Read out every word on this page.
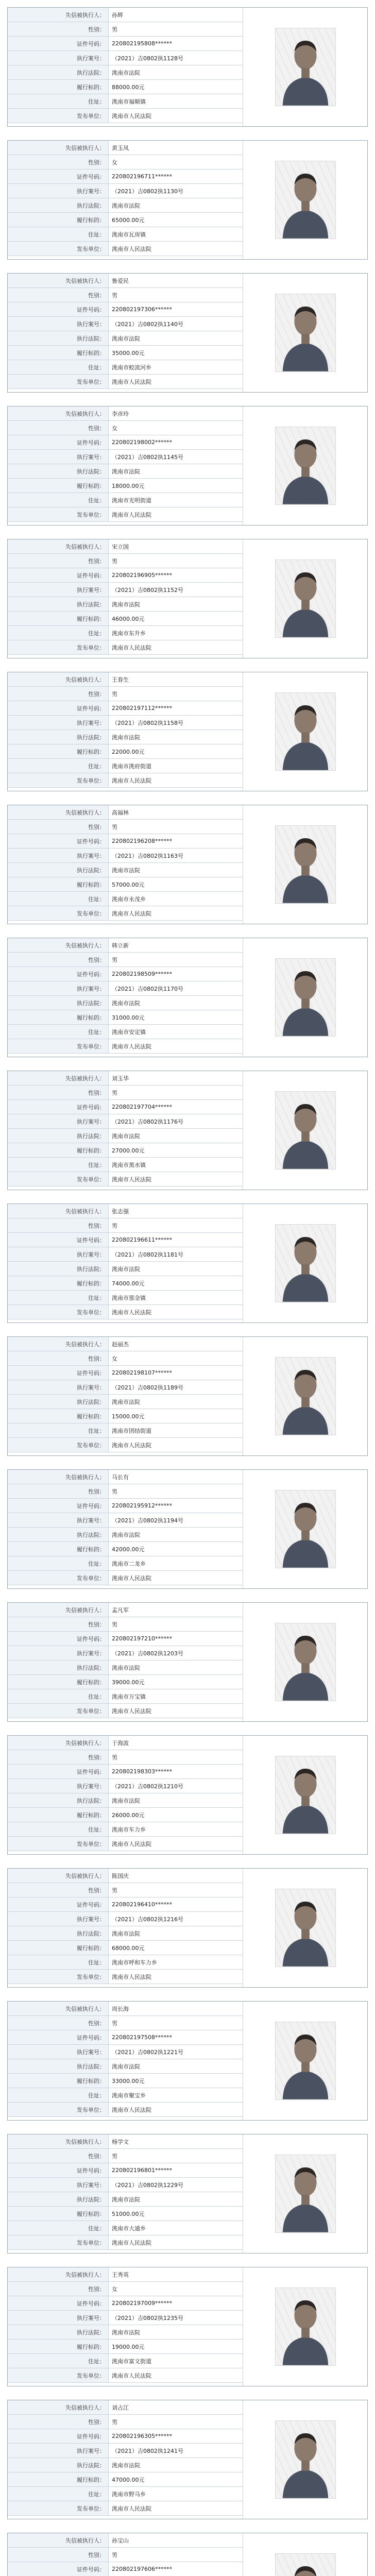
失信被执行人：	孙辉
性别：	男
证件号码：	220802195808******
执行案号：	（2021）吉0802执1128号
执行法院：	洮南市法院
履行标的：	88000.00元
住址：	洮南市福顺镇
发布单位：	洮南市人民法院
失信被执行人：	黄玉凤
性别：	女
证件号码：	220802196711******
执行案号：	（2021）吉0802执1130号
执行法院：	洮南市法院
履行标的：	65000.00元
住址：	洮南市瓦房镇
发布单位：	洮南市人民法院
失信被执行人：	鲁爱民
性别：	男
证件号码：	220802197306******
执行案号：	（2021）吉0802执1140号
执行法院：	洮南市法院
履行标的：	35000.00元
住址：	洮南市蛟流河乡
发布单位：	洮南市人民法院
失信被执行人：	李彦玲
性别：	女
证件号码：	220802198002******
执行案号：	（2021）吉0802执1145号
执行法院：	洮南市法院
履行标的：	18000.00元
住址：	洮南市光明街道
发布单位：	洮南市人民法院
失信被执行人：	宋立国
性别：	男
证件号码：	220802196905******
执行案号：	（2021）吉0802执1152号
执行法院：	洮南市法院
履行标的：	46000.00元
住址：	洮南市东升乡
发布单位：	洮南市人民法院
失信被执行人：	王春生
性别：	男
证件号码：	220802197112******
执行案号：	（2021）吉0802执1158号
执行法院：	洮南市法院
履行标的：	22000.00元
住址：	洮南市洮府街道
发布单位：	洮南市人民法院
失信被执行人：	高福林
性别：	男
证件号码：	220802196208******
执行案号：	（2021）吉0802执1163号
执行法院：	洮南市法院
履行标的：	57000.00元
住址：	洮南市永茂乡
发布单位：	洮南市人民法院
失信被执行人：	韩立新
性别：	男
证件号码：	220802198509******
执行案号：	（2021）吉0802执1170号
执行法院：	洮南市法院
履行标的：	31000.00元
住址：	洮南市安定镇
发布单位：	洮南市人民法院
失信被执行人：	刘玉华
性别：	男
证件号码：	220802197704******
执行案号：	（2021）吉0802执1176号
执行法院：	洮南市法院
履行标的：	27000.00元
住址：	洮南市黑水镇
发布单位：	洮南市人民法院
失信被执行人：	张志强
性别：	男
证件号码：	220802196611******
执行案号：	（2021）吉0802执1181号
执行法院：	洮南市法院
履行标的：	74000.00元
住址：	洮南市那金镇
发布单位：	洮南市人民法院
失信被执行人：	赵丽杰
性别：	女
证件号码：	220802198107******
执行案号：	（2021）吉0802执1189号
执行法院：	洮南市法院
履行标的：	15000.00元
住址：	洮南市团结街道
发布单位：	洮南市人民法院
失信被执行人：	马长有
性别：	男
证件号码：	220802195912******
执行案号：	（2021）吉0802执1194号
执行法院：	洮南市法院
履行标的：	42000.00元
住址：	洮南市二龙乡
发布单位：	洮南市人民法院
失信被执行人：	孟凡军
性别：	男
证件号码：	220802197210******
执行案号：	（2021）吉0802执1203号
执行法院：	洮南市法院
履行标的：	39000.00元
住址：	洮南市万宝镇
发布单位：	洮南市人民法院
失信被执行人：	于海波
性别：	男
证件号码：	220802198303******
执行案号：	（2021）吉0802执1210号
执行法院：	洮南市法院
履行标的：	26000.00元
住址：	洮南市车力乡
发布单位：	洮南市人民法院
失信被执行人：	陈国庆
性别：	男
证件号码：	220802196410******
执行案号：	（2021）吉0802执1216号
执行法院：	洮南市法院
履行标的：	68000.00元
住址：	洮南市呼和车力乡
发布单位：	洮南市人民法院
失信被执行人：	周长海
性别：	男
证件号码：	220802197508******
执行案号：	（2021）吉0802执1221号
执行法院：	洮南市法院
履行标的：	33000.00元
住址：	洮南市聚宝乡
发布单位：	洮南市人民法院
失信被执行人：	杨学文
性别：	男
证件号码：	220802196801******
执行案号：	（2021）吉0802执1229号
执行法院：	洮南市法院
履行标的：	51000.00元
住址：	洮南市大通乡
发布单位：	洮南市人民法院
失信被执行人：	王秀英
性别：	女
证件号码：	220802197009******
执行案号：	（2021）吉0802执1235号
执行法院：	洮南市法院
履行标的：	19000.00元
住址：	洮南市富文街道
发布单位：	洮南市人民法院
失信被执行人：	刘占江
性别：	男
证件号码：	220802196305******
执行案号：	（2021）吉0802执1241号
执行法院：	洮南市法院
履行标的：	47000.00元
住址：	洮南市野马乡
发布单位：	洮南市人民法院
失信被执行人：	孙宝山
性别：	男
证件号码：	220802197606******
